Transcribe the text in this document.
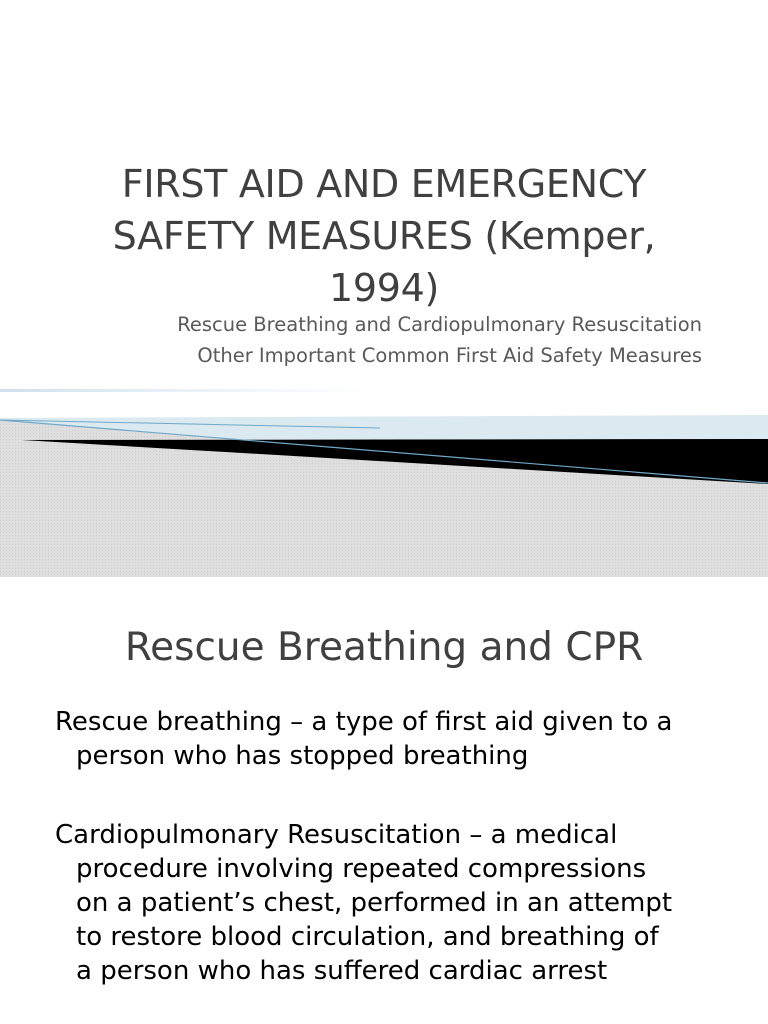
FIRST AID AND EMERGENCY
SAFETY MEASURES (Kemper,
1994)
Rescue Breathing and Cardiopulmonary Resuscitation
Other Important Common First Aid Safety Measures
Rescue Breathing and CPR
Rescue breathing – a type of first aid given to a
person who has stopped breathing
Cardiopulmonary Resuscitation – a medical
procedure involving repeated compressions
on a patient’s chest, performed in an attempt
to restore blood circulation, and breathing of
a person who has suffered cardiac arrest
